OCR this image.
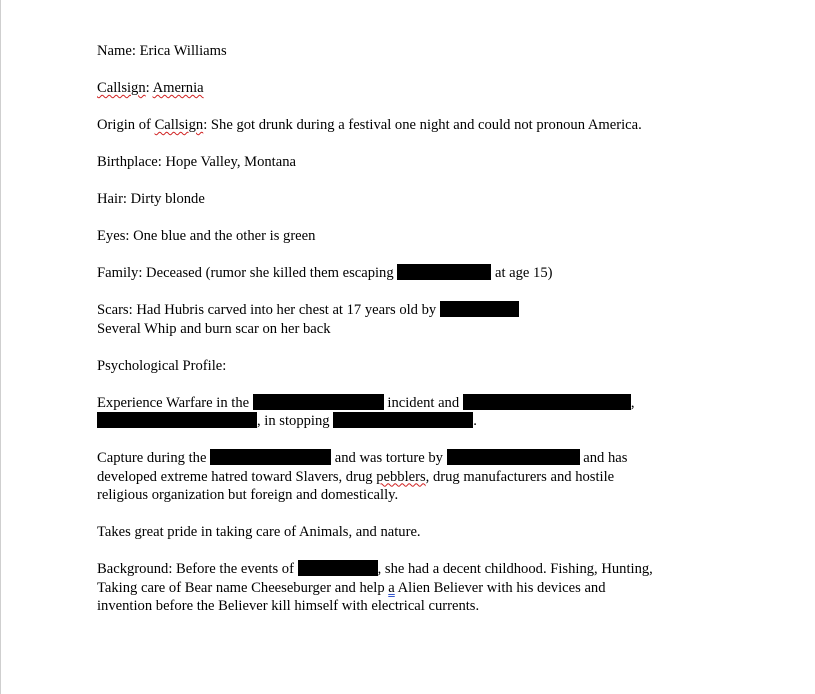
Name: Erica Williams

Callsign: Amernia

Origin of Callsign: She got drunk during a festival one night and could not pronoun America.

Birthplace: Hope Valley, Montana

Hair: Dirty blonde

Eyes: One blue and the other is green

Family: Deceased (rumor she killed them escaping	at age 15)

Scars: Had Hubris carved into her chest at 17 years old by
Several Whip and burn scar on her back

Psychological Profile:

Experience Warfare in the	incident and	,
, in stopping	.

Capture during the	and was torture by	and has
developed extreme hatred toward Slavers, drug pebblers, drug manufacturers and hostile
religious organization but foreign and domestically.

Takes great pride in taking care of Animals, and nature.

Background: Before the events of	, she had a decent childhood. Fishing, Hunting,
Taking care of Bear name Cheeseburger and help a Alien Believer with his devices and
invention before the Believer kill himself with electrical currents.
